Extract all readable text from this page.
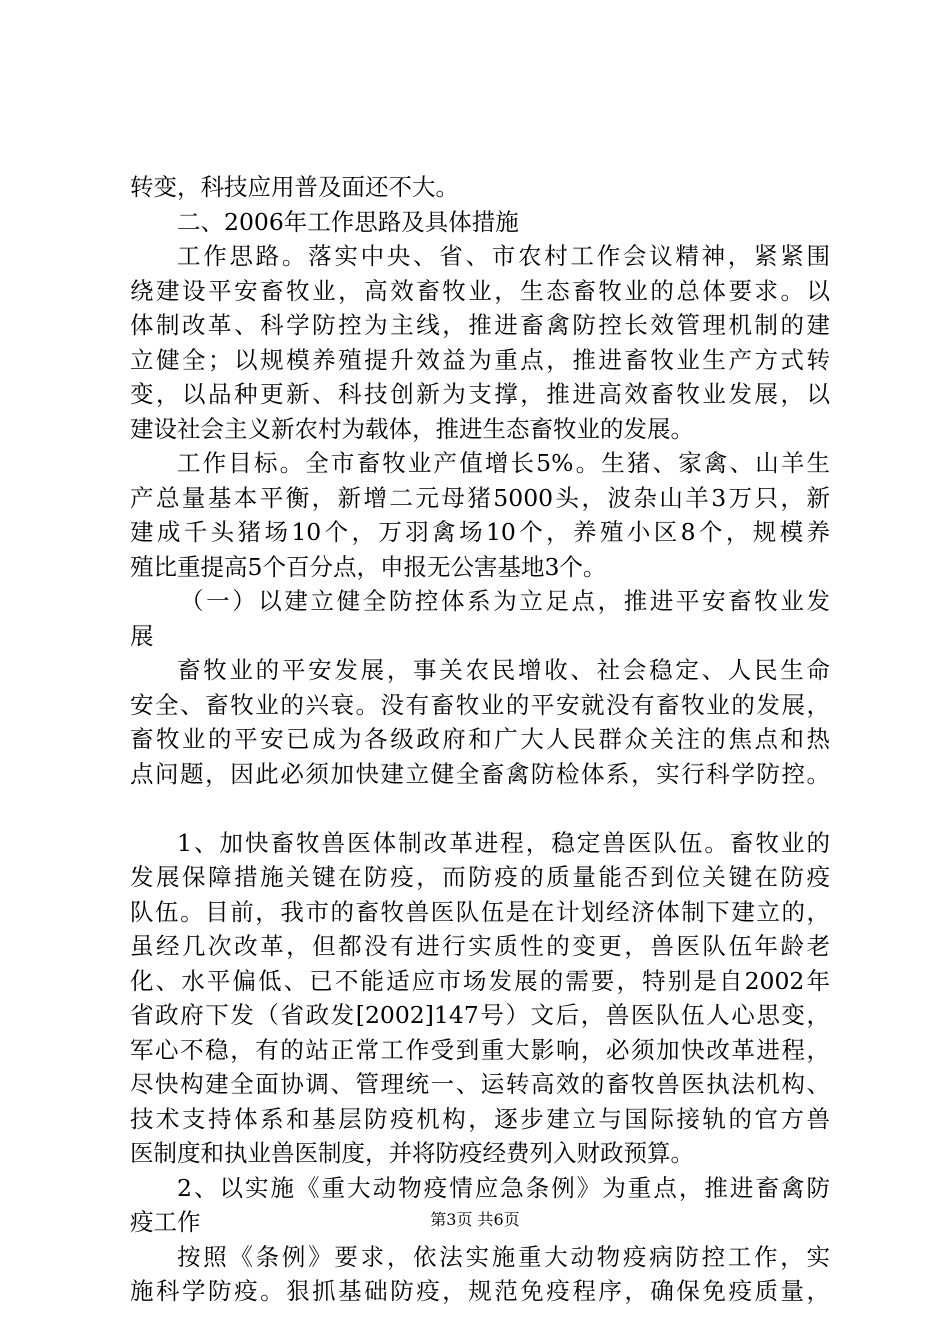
转变，科技应用普及面还不大。
二、2006年工作思路及具体措施
工作思路。落实中央、省、市农村工作会议精神，紧紧围
绕建设平安畜牧业，高效畜牧业，生态畜牧业的总体要求。以
体制改革、科学防控为主线，推进畜禽防控长效管理机制的建
立健全；以规模养殖提升效益为重点，推进畜牧业生产方式转
变，以品种更新、科技创新为支撑，推进高效畜牧业发展，以
建设社会主义新农村为载体，推进生态畜牧业的发展。
工作目标。全市畜牧业产值增长5%。生猪、家禽、山羊生
产总量基本平衡，新增二元母猪5000头，波杂山羊3万只，新
建成千头猪场10个，万羽禽场10个，养殖小区8个，规模养
殖比重提高5个百分点，申报无公害基地3个。
（一）以建立健全防控体系为立足点，推进平安畜牧业发
展
畜牧业的平安发展，事关农民增收、社会稳定、人民生命
安全、畜牧业的兴衰。没有畜牧业的平安就没有畜牧业的发展，
畜牧业的平安已成为各级政府和广大人民群众关注的焦点和热
点问题，因此必须加快建立健全畜禽防检体系，实行科学防控。
1、加快畜牧兽医体制改革进程，稳定兽医队伍。畜牧业的
发展保障措施关键在防疫，而防疫的质量能否到位关键在防疫
队伍。目前，我市的畜牧兽医队伍是在计划经济体制下建立的，
虽经几次改革，但都没有进行实质性的变更，兽医队伍年龄老
化、水平偏低、已不能适应市场发展的需要，特别是自2002年
省政府下发（省政发[2002]147号）文后，兽医队伍人心思变，
军心不稳，有的站正常工作受到重大影响，必须加快改革进程，
尽快构建全面协调、管理统一、运转高效的畜牧兽医执法机构、
技术支持体系和基层防疫机构，逐步建立与国际接轨的官方兽
医制度和执业兽医制度，并将防疫经费列入财政预算。
2、以实施《重大动物疫情应急条例》为重点，推进畜禽防
疫工作
按照《条例》要求，依法实施重大动物疫病防控工作，实
施科学防疫。狠抓基础防疫，规范免疫程序，确保免疫质量，
第3页 共6页
